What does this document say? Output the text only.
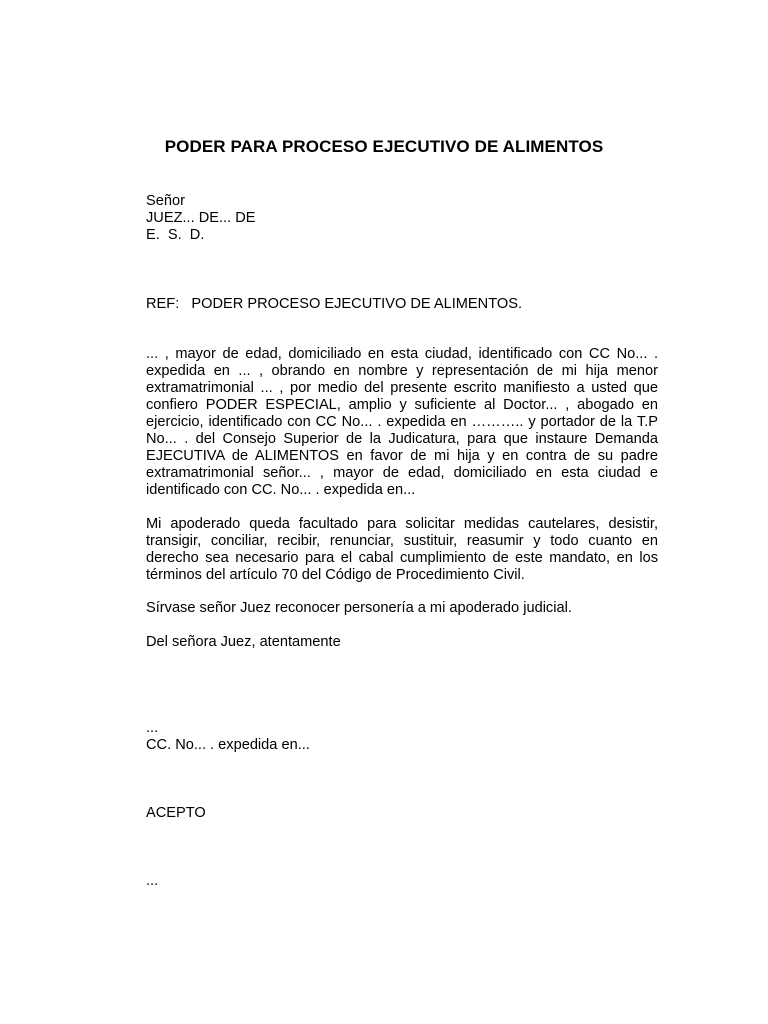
PODER PARA PROCESO EJECUTIVO DE ALIMENTOS
Señor
JUEZ... DE... DE
E.  S.  D.
REF:   PODER PROCESO EJECUTIVO DE ALIMENTOS.
... , mayor de edad, domiciliado en esta ciudad, identificado con CC No... . expedida en ... , obrando en nombre y representación de mi hija menor extramatrimonial ... , por medio del presente escrito manifiesto a usted que confiero PODER ESPECIAL, amplio y suficiente al Doctor... , abogado en ejercicio, identificado con CC No... . expedida en ……….. y portador de la T.P No... . del Consejo Superior de la Judicatura, para que instaure Demanda EJECUTIVA de ALIMENTOS en favor de mi hija y en contra de su padre extramatrimonial señor... , mayor de edad, domiciliado en esta ciudad e identificado con CC. No... . expedida en...
Mi apoderado queda facultado para solicitar medidas cautelares, desistir, transigir, conciliar, recibir, renunciar, sustituir, reasumir y todo cuanto en derecho sea necesario para el cabal cumplimiento de este mandato, en los términos del artículo 70 del Código de Procedimiento Civil.
Sírvase señor Juez reconocer personería a mi apoderado judicial.
Del señora Juez, atentamente
...
CC. No... . expedida en...
ACEPTO
...
